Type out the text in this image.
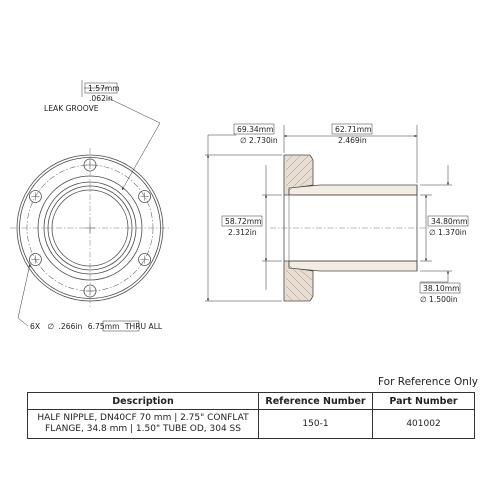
1.57mm
.062in
LEAK GROOVE
6X ∅ .266in 6.75mm THRU ALL
69.34mm
∅ 2.730in
62.71mm
2.469in
58.72mm
2.312in
34.80mm
∅ 1.370in
38.10mm
∅ 1.500in
For Reference Only
Description	Reference Number	Part Number

HALF NIPPLE, DN40CF 70 mm | 2.75" CONFLAT
FLANGE, 34.8 mm | 1.50" TUBE OD, 304 SS	150-1	401002
